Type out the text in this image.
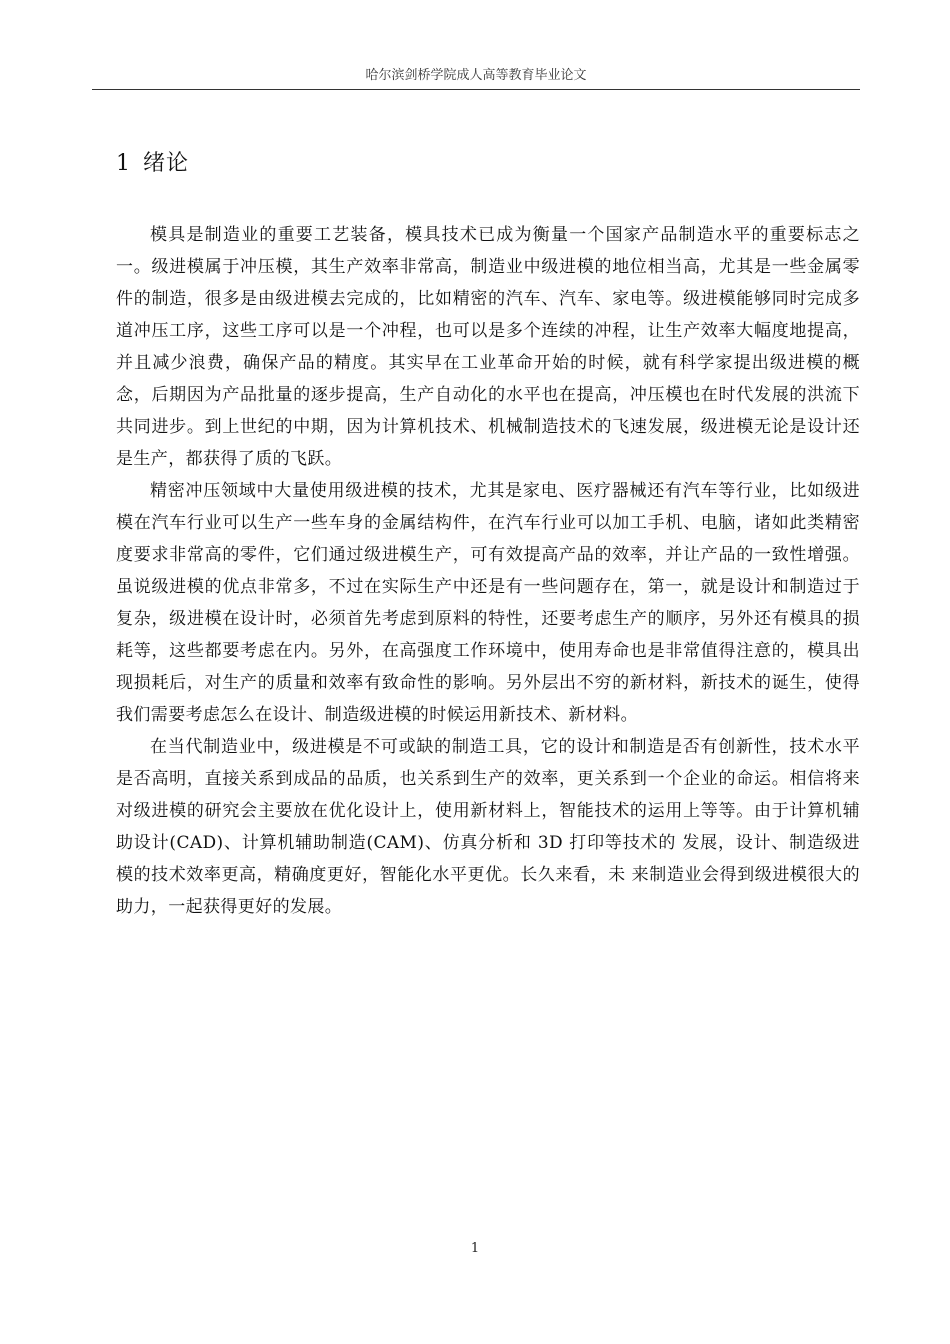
哈尔滨剑桥学院成人高等教育毕业论文
1 绪论

模具是制造业的重要工艺装备，模具技术已成为衡量一个国家产品制造水平的重要标志之一。级进模属于冲压模，其生产效率非常高，制造业中级进模的地位相当高，尤其是一些金属零件的制造，很多是由级进模去完成的，比如精密的汽车、汽车、家电等。级进模能够同时完成多道冲压工序，这些工序可以是一个冲程，也可以是多个连续的冲程，让生产效率大幅度地提高，并且减少浪费，确保产品的精度。其实早在工业革命开始的时候，就有科学家提出级进模的概念，后期因为产品批量的逐步提高，生产自动化的水平也在提高，冲压模也在时代发展的洪流下共同进步。到上世纪的中期，因为计算机技术、机械制造技术的飞速发展，级进模无论是设计还是生产，都获得了质的飞跃。

精密冲压领域中大量使用级进模的技术，尤其是家电、医疗器械还有汽车等行业，比如级进模在汽车行业可以生产一些车身的金属结构件，在汽车行业可以加工手机、电脑，诸如此类精密度要求非常高的零件，它们通过级进模生产，可有效提高产品的效率，并让产品的一致性增强。虽说级进模的优点非常多，不过在实际生产中还是有一些问题存在，第一，就是设计和制造过于复杂，级进模在设计时，必须首先考虑到原料的特性，还要考虑生产的顺序，另外还有模具的损耗等，这些都要考虑在内。另外，在高强度工作环境中，使用寿命也是非常值得注意的，模具出现损耗后，对生产的质量和效率有致命性的影响。另外层出不穷的新材料，新技术的诞生，使得我们需要考虑怎么在设计、制造级进模的时候运用新技术、新材料。

在当代制造业中，级进模是不可或缺的制造工具，它的设计和制造是否有创新性，技术水平是否高明，直接关系到成品的品质，也关系到生产的效率，更关系到一个企业的命运。相信将来对级进模的研究会主要放在优化设计上，使用新材料上，智能技术的运用上等等。由于计算机辅助设计(CAD)、计算机辅助制造(CAM)、仿真分析和 3D 打印等技术的 发展，设计、制造级进模的技术效率更高，精确度更好，智能化水平更优。长久来看，未 来制造业会得到级进模很大的助力，一起获得更好的发展。

1
